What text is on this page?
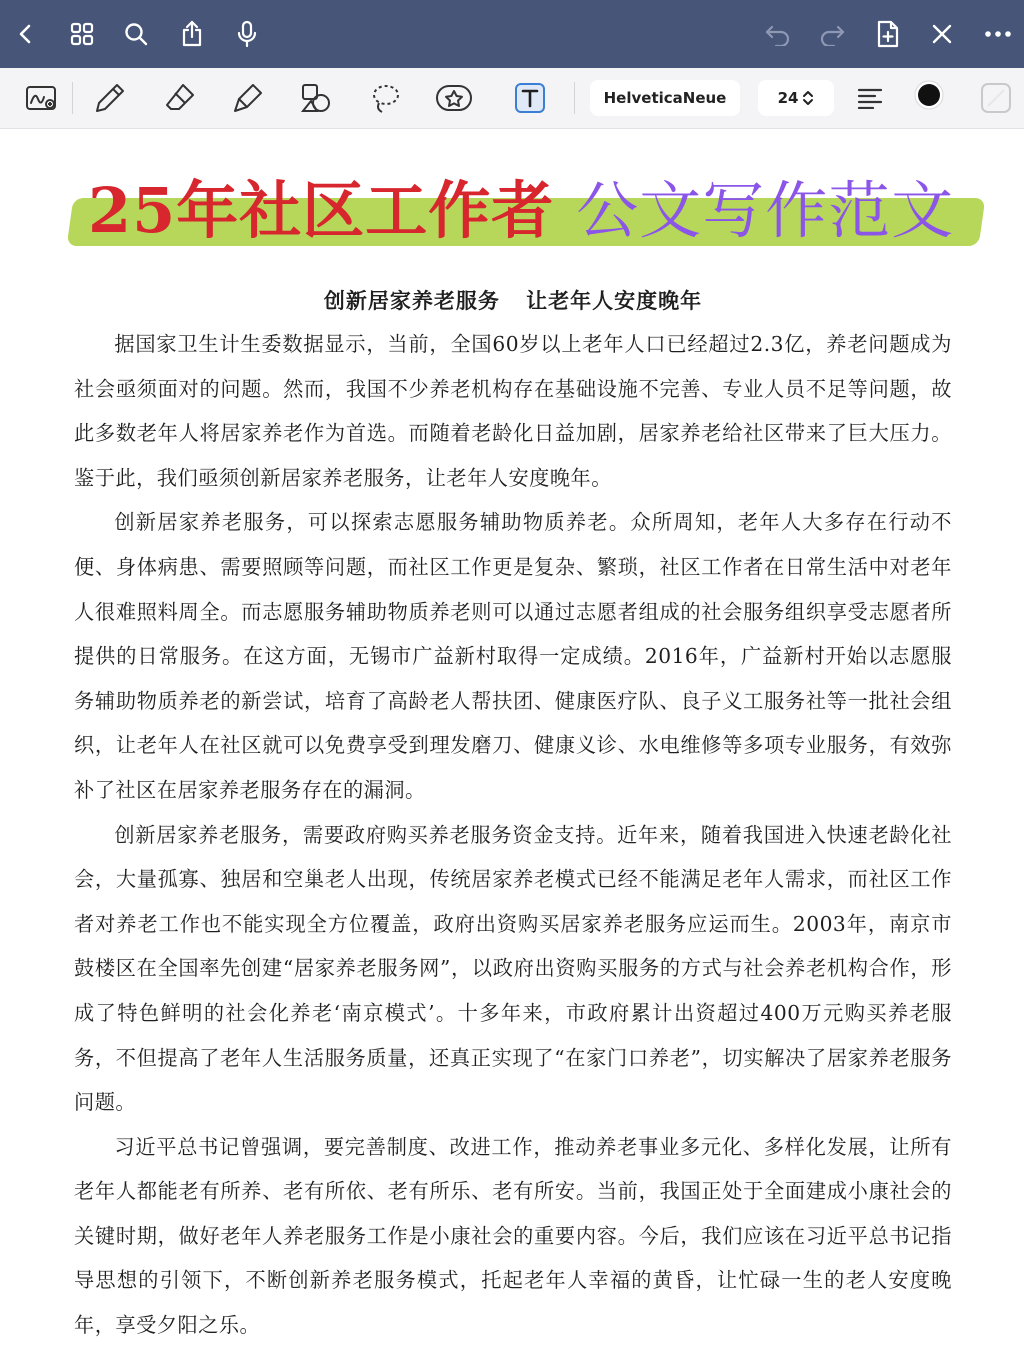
HelveticaNeue	24
25年社区工作者 公文写作范文
创新居家养老服务 让老年人安度晚年

据国家卫生计生委数据显示，当前，全国60岁以上老年人口已经超过2.3亿，养老问题成为社会亟须面对的问题。然而，我国不少养老机构存在基础设施不完善、专业人员不足等问题，故此多数老年人将居家养老作为首选。而随着老龄化日益加剧，居家养老给社区带来了巨大压力。鉴于此，我们亟须创新居家养老服务，让老年人安度晚年。

创新居家养老服务，可以探索志愿服务辅助物质养老。众所周知，老年人大多存在行动不便、身体病患、需要照顾等问题，而社区工作更是复杂、繁琐，社区工作者在日常生活中对老年人很难照料周全。而志愿服务辅助物质养老则可以通过志愿者组成的社会服务组织享受志愿者所提供的日常服务。在这方面，无锡市广益新村取得一定成绩。2016年，广益新村开始以志愿服务辅助物质养老的新尝试，培育了高龄老人帮扶团、健康医疗队、良子义工服务社等一批社会组织，让老年人在社区就可以免费享受到理发磨刀、健康义诊、水电维修等多项专业服务，有效弥补了社区在居家养老服务存在的漏洞。

创新居家养老服务，需要政府购买养老服务资金支持。近年来，随着我国进入快速老龄化社会，大量孤寡、独居和空巢老人出现，传统居家养老模式已经不能满足老年人需求，而社区工作者对养老工作也不能实现全方位覆盖，政府出资购买居家养老服务应运而生。2003年，南京市鼓楼区在全国率先创建“居家养老服务网”，以政府出资购买服务的方式与社会养老机构合作，形成了特色鲜明的社会化养老‘南京模式’。十多年来，市政府累计出资超过400万元购买养老服务，不但提高了老年人生活服务质量，还真正实现了“在家门口养老”，切实解决了居家养老服务问题。

习近平总书记曾强调，要完善制度、改进工作，推动养老事业多元化、多样化发展，让所有老年人都能老有所养、老有所依、老有所乐、老有所安。当前，我国正处于全面建成小康社会的关键时期，做好老年人养老服务工作是小康社会的重要内容。今后，我们应该在习近平总书记指导思想的引领下，不断创新养老服务模式，托起老年人幸福的黄昏，让忙碌一生的老人安度晚年，享受夕阳之乐。
